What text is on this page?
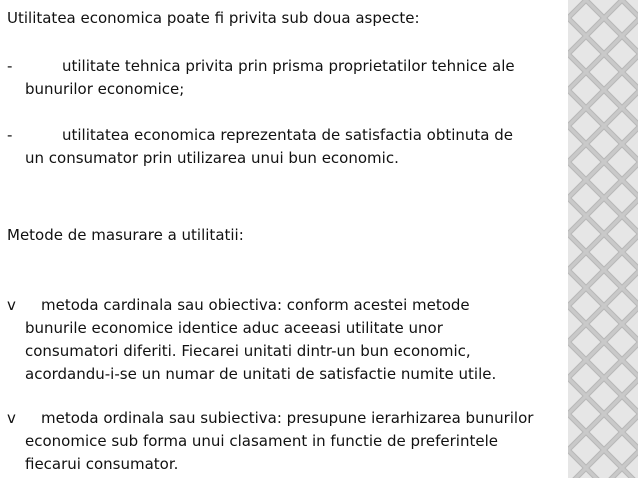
Utilitatea economica poate fi privita sub doua aspecte:
-	utilitate tehnica privita prin prisma proprietatilor tehnice ale
bunurilor economice;
-	utilitatea economica reprezentata de satisfactia obtinuta de
un consumator prin utilizarea unui bun economic.
Metode de masurare a utilitatii:
v	metoda cardinala sau obiectiva: conform acestei metode
bunurile economice identice aduc aceeasi utilitate unor
consumatori diferiti. Fiecarei unitati dintr-un bun economic,
acordandu-i-se un numar de unitati de satisfactie numite utile.
v	metoda ordinala sau subiectiva: presupune ierarhizarea bunurilor
economice sub forma unui clasament in functie de preferintele
fiecarui consumator.
